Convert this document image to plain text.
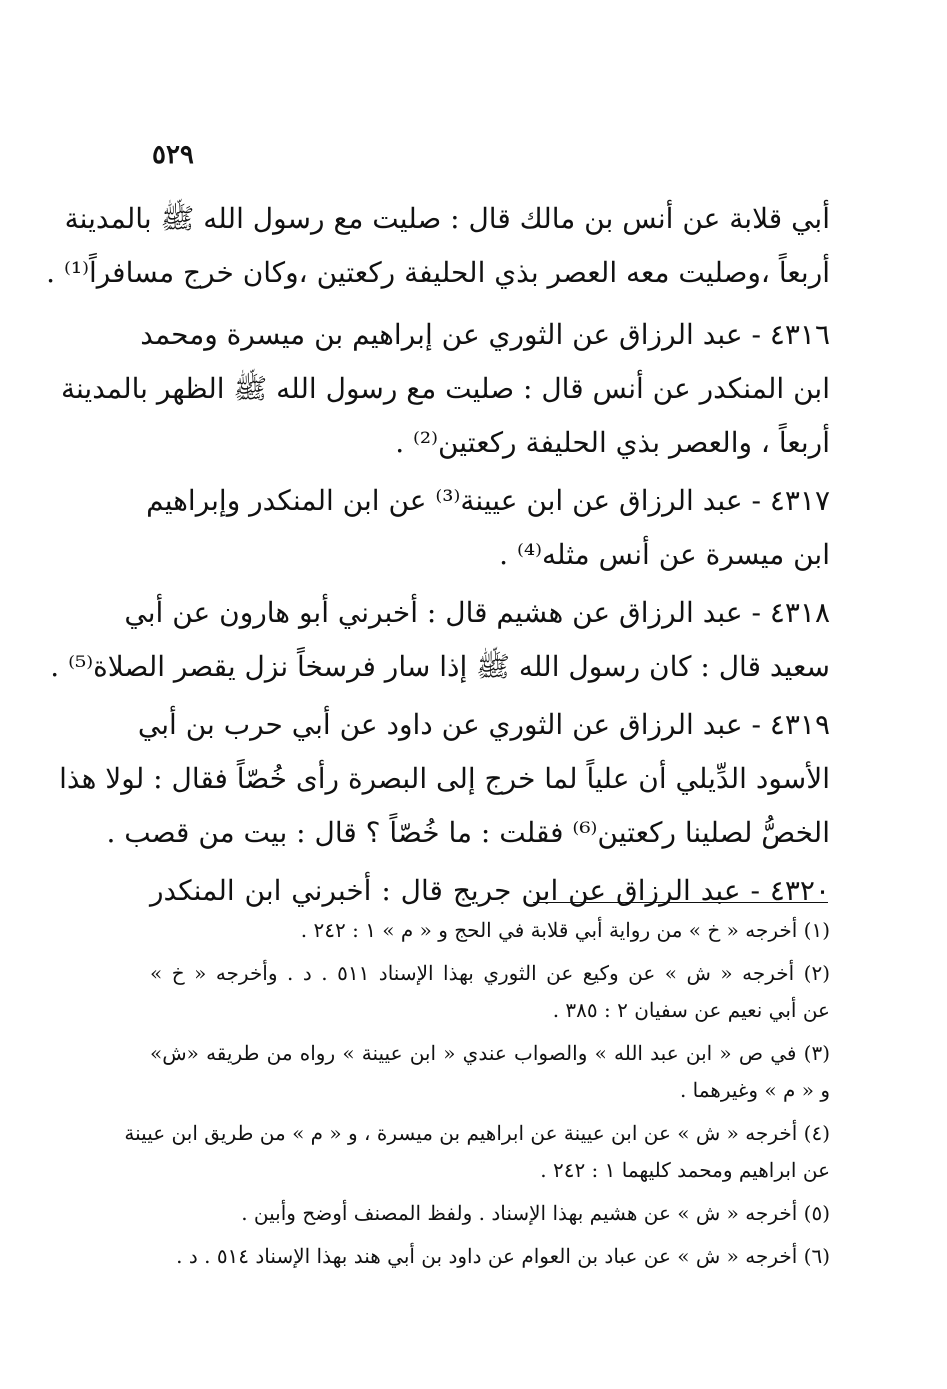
٥٢٩

أبي قلابة عن أنس بن مالك قال : صليت مع رسول الله ﷺ بالمدينة
أربعاً ،وصليت معه العصر بذي الحليفة ركعتين ،وكان خرج مسافراً⁽¹⁾ .

٤٣١٦ - عبد الرزاق عن الثوري عن إبراهيم بن ميسرة ومحمد
ابن المنكدر عن أنس قال : صليت مع رسول الله ﷺ الظهر بالمدينة
أربعاً ، والعصر بذي الحليفة ركعتين⁽²⁾ .

٤٣١٧ - عبد الرزاق عن ابن عيينة⁽³⁾ عن ابن المنكدر وإبراهيم
ابن ميسرة عن أنس مثله⁽⁴⁾ .

٤٣١٨ - عبد الرزاق عن هشيم قال : أخبرني أبو هارون عن أبي
سعيد قال : كان رسول الله ﷺ إذا سار فرسخاً نزل يقصر الصلاة⁽⁵⁾ .

٤٣١٩ - عبد الرزاق عن الثوري عن داود عن أبي حرب بن أبي
الأسود الدِّيلي أن علياً لما خرج إلى البصرة رأى خُصّاً فقال : لولا هذا
الخصُّ لصلينا ركعتين⁽⁶⁾ فقلت : ما خُصّاً ؟ قال : بيت من قصب .

٤٣٢٠ - عبد الرزاق عن ابن جريج قال : أخبرني ابن المنكدر

(١) أخرجه « خ » من رواية أبي قلابة في الحج و « م » ١ : ٢٤٢ .

(٢) أخرجه « ش » عن وكيع عن الثوري بهذا الإسناد ٥١١ . د . وأخرجه « خ »
عن أبي نعيم عن سفيان ٢ : ٣٨٥ .

(٣) في ص « ابن عبد الله » والصواب عندي « ابن عيينة » رواه من طريقه «ش»
و « م » وغيرهما .

(٤) أخرجه « ش » عن ابن عيينة عن ابراهيم بن ميسرة ، و « م » من طريق ابن عيينة
عن ابراهيم ومحمد كليهما ١ : ٢٤٢ .

(٥) أخرجه « ش » عن هشيم بهذا الإسناد . ولفظ المصنف أوضح وأبين .

(٦) أخرجه « ش » عن عباد بن العوام عن داود بن أبي هند بهذا الإسناد ٥١٤ . د .
